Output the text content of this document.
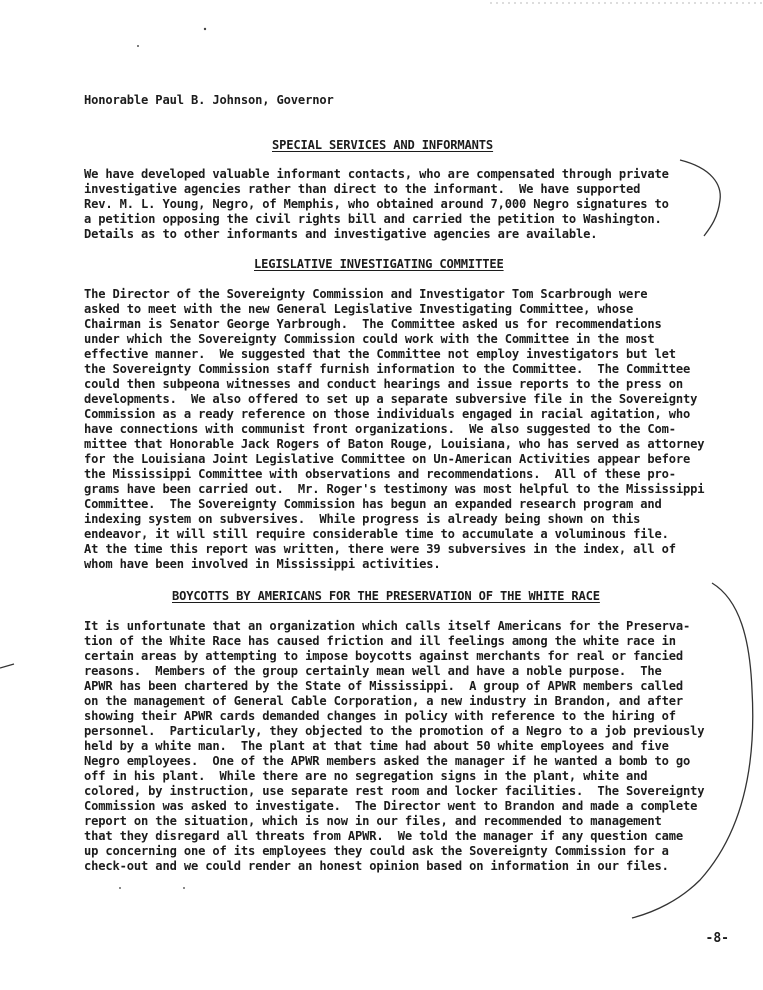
Honorable Paul B. Johnson, Governor
SPECIAL SERVICES AND INFORMANTS
We have developed valuable informant contacts, who are compensated through private
investigative agencies rather than direct to the informant.  We have supported
Rev. M. L. Young, Negro, of Memphis, who obtained around 7,000 Negro signatures to
a petition opposing the civil rights bill and carried the petition to Washington.
Details as to other informants and investigative agencies are available.
LEGISLATIVE INVESTIGATING COMMITTEE
The Director of the Sovereignty Commission and Investigator Tom Scarbrough were
asked to meet with the new General Legislative Investigating Committee, whose
Chairman is Senator George Yarbrough.  The Committee asked us for recommendations
under which the Sovereignty Commission could work with the Committee in the most
effective manner.  We suggested that the Committee not employ investigators but let
the Sovereignty Commission staff furnish information to the Committee.  The Committee
could then subpeona witnesses and conduct hearings and issue reports to the press on
developments.  We also offered to set up a separate subversive file in the Sovereignty
Commission as a ready reference on those individuals engaged in racial agitation, who
have connections with communist front organizations.  We also suggested to the Com-
mittee that Honorable Jack Rogers of Baton Rouge, Louisiana, who has served as attorney
for the Louisiana Joint Legislative Committee on Un-American Activities appear before
the Mississippi Committee with observations and recommendations.  All of these pro-
grams have been carried out.  Mr. Roger's testimony was most helpful to the Mississippi
Committee.  The Sovereignty Commission has begun an expanded research program and
indexing system on subversives.  While progress is already being shown on this
endeavor, it will still require considerable time to accumulate a voluminous file.
At the time this report was written, there were 39 subversives in the index, all of
whom have been involved in Mississippi activities.
BOYCOTTS BY AMERICANS FOR THE PRESERVATION OF THE WHITE RACE
It is unfortunate that an organization which calls itself Americans for the Preserva-
tion of the White Race has caused friction and ill feelings among the white race in
certain areas by attempting to impose boycotts against merchants for real or fancied
reasons.  Members of the group certainly mean well and have a noble purpose.  The
APWR has been chartered by the State of Mississippi.  A group of APWR members called
on the management of General Cable Corporation, a new industry in Brandon, and after
showing their APWR cards demanded changes in policy with reference to the hiring of
personnel.  Particularly, they objected to the promotion of a Negro to a job previously
held by a white man.  The plant at that time had about 50 white employees and five
Negro employees.  One of the APWR members asked the manager if he wanted a bomb to go
off in his plant.  While there are no segregation signs in the plant, white and
colored, by instruction, use separate rest room and locker facilities.  The Sovereignty
Commission was asked to investigate.  The Director went to Brandon and made a complete
report on the situation, which is now in our files, and recommended to management
that they disregard all threats from APWR.  We told the manager if any question came
up concerning one of its employees they could ask the Sovereignty Commission for a
check-out and we could render an honest opinion based on information in our files.
-8-
